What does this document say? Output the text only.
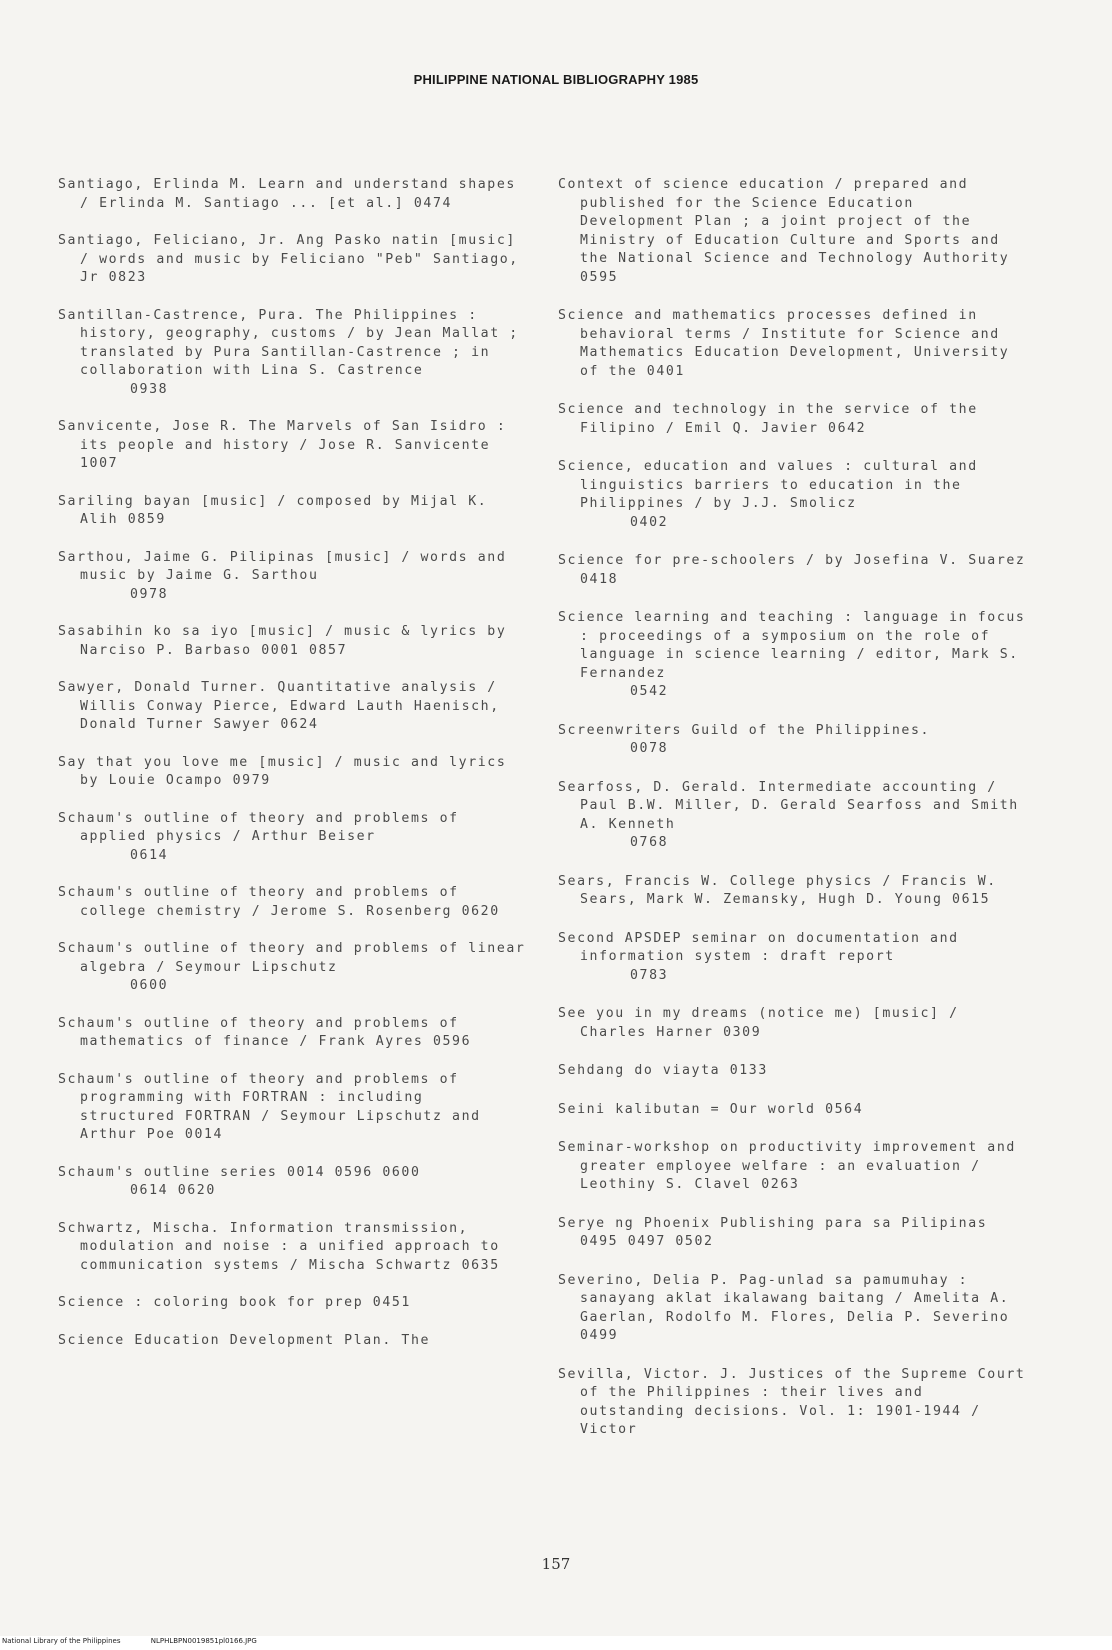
PHILIPPINE NATIONAL BIBLIOGRAPHY 1985
Santiago, Erlinda M. Learn and understand shapes / Erlinda M. Santiago ... [et al.] 0474
Santiago, Feliciano, Jr. Ang Pasko natin [music] / words and music by Feliciano "Peb" Santiago, Jr 0823
Santillan-Castrence, Pura. The Philippines : history, geography, customs / by Jean Mallat ; translated by Pura Santillan-Castrence ; in collaboration with Lina S. Castrence
0938
Sanvicente, Jose R. The Marvels of San Isidro : its people and history / Jose R. Sanvicente 1007
Sariling bayan [music] / composed by Mijal K. Alih 0859
Sarthou, Jaime G. Pilipinas [music] / words and music by Jaime G. Sarthou
0978
Sasabihin ko sa iyo [music] / music & lyrics by Narciso P. Barbaso 0001 0857
Sawyer, Donald Turner. Quantitative analysis / Willis Conway Pierce, Edward Lauth Haenisch, Donald Turner Sawyer 0624
Say that you love me [music] / music and lyrics by Louie Ocampo 0979
Schaum's outline of theory and problems of applied physics / Arthur Beiser
0614
Schaum's outline of theory and problems of college chemistry / Jerome S. Rosenberg 0620
Schaum's outline of theory and problems of linear algebra / Seymour Lipschutz
0600
Schaum's outline of theory and problems of mathematics of finance / Frank Ayres 0596
Schaum's outline of theory and problems of programming with FORTRAN : including structured FORTRAN / Seymour Lipschutz and Arthur Poe 0014
Schaum's outline series 0014 0596 0600
0614 0620
Schwartz, Mischa. Information transmission, modulation and noise : a unified approach to communication systems / Mischa Schwartz 0635
Science : coloring book for prep 0451
Science Education Development Plan. The
Context of science education / prepared and published for the Science Education Development Plan ; a joint project of the Ministry of Education Culture and Sports and the National Science and Technology Authority 0595
Science and mathematics processes defined in behavioral terms / Institute for Science and Mathematics Education Development, University of the 0401
Science and technology in the service of the Filipino / Emil Q. Javier 0642
Science, education and values : cultural and linguistics barriers to education in the Philippines / by J.J. Smolicz
0402
Science for pre-schoolers / by Josefina V. Suarez 0418
Science learning and teaching : language in focus : proceedings of a symposium on the role of language in science learning / editor, Mark S. Fernandez
0542
Screenwriters Guild of the Philippines.
0078
Searfoss, D. Gerald. Intermediate accounting / Paul B.W. Miller, D. Gerald Searfoss and Smith A. Kenneth
0768
Sears, Francis W. College physics / Francis W. Sears, Mark W. Zemansky, Hugh D. Young 0615
Second APSDEP seminar on documentation and information system : draft report
0783
See you in my dreams (notice me) [music] / Charles Harner 0309
Sehdang do viayta 0133
Seini kalibutan = Our world 0564
Seminar-workshop on productivity improvement and greater employee welfare : an evaluation / Leothiny S. Clavel 0263
Serye ng Phoenix Publishing para sa Pilipinas 0495 0497 0502
Severino, Delia P. Pag-unlad sa pamumuhay : sanayang aklat ikalawang baitang / Amelita A. Gaerlan, Rodolfo M. Flores, Delia P. Severino 0499
Sevilla, Victor. J. Justices of the Supreme Court of the Philippines : their lives and outstanding decisions. Vol. 1: 1901-1944 / Victor
157
National Library of the Philippines	NLPHLBPN0019851pl0166.JPG
